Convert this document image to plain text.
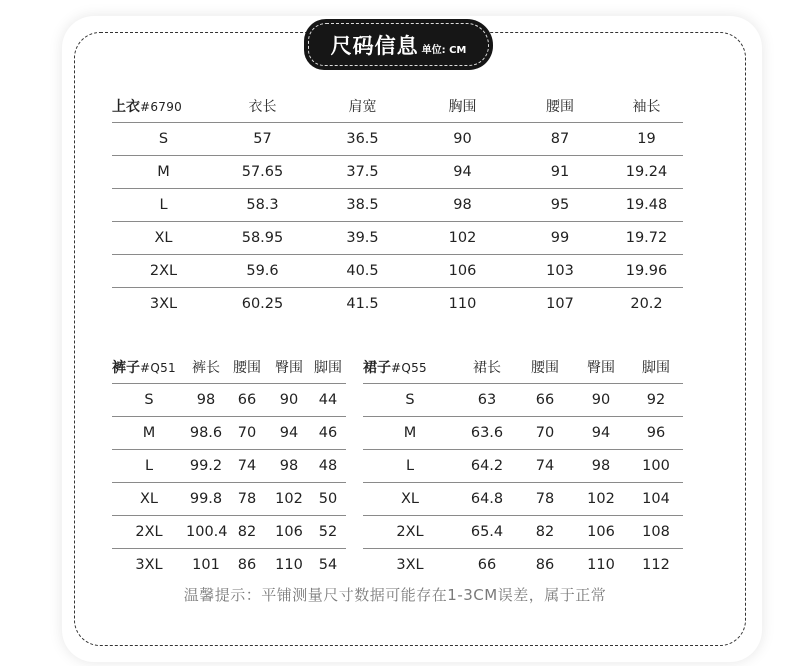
尺码信息 单位: CM
上衣#6790	衣长	肩宽	胸围	腰围	袖长
S	57	36.5	90	87	19
M	57.65	37.5	94	91	19.24
L	58.3	38.5	98	95	19.48
XL	58.95	39.5	102	99	19.72
2XL	59.6	40.5	106	103	19.96
3XL	60.25	41.5	110	107	20.2
裤子#Q51	裤长	腰围	臀围	脚围
S	98	66	90	44
M	98.6	70	94	46
L	99.2	74	98	48
XL	99.8	78	102	50
2XL	100.4	82	106	52
3XL	101	86	110	54
裙子#Q55	裙长	腰围	臀围	脚围
S	63	66	90	92
M	63.6	70	94	96
L	64.2	74	98	100
XL	64.8	78	102	104
2XL	65.4	82	106	108
3XL	66	86	110	112
温馨提示：平铺测量尺寸数据可能存在1-3CM误差，属于正常
